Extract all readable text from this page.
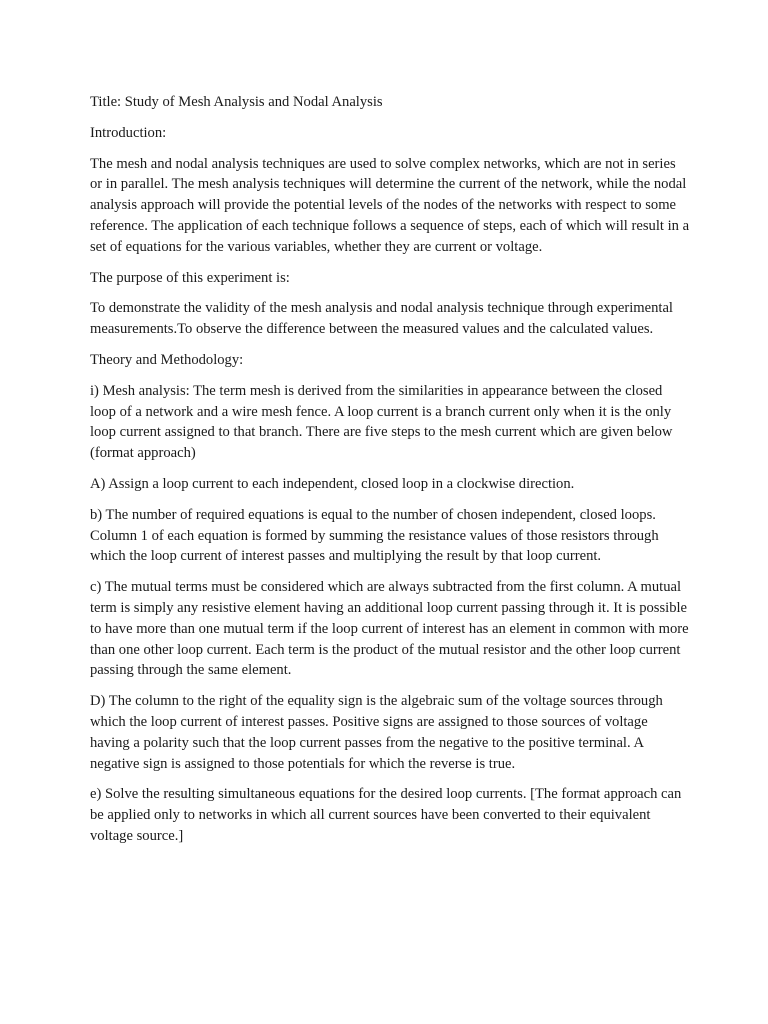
Title: Study of Mesh Analysis and Nodal Analysis

Introduction:

The mesh and nodal analysis techniques are used to solve complex networks, which are not in series or in parallel. The mesh analysis techniques will determine the current of the network, while the nodal analysis approach will provide the potential levels of the nodes of the networks with respect to some reference. The application of each technique follows a sequence of steps, each of which will result in a set of equations for the various variables, whether they are current or voltage.

The purpose of this experiment is:

To demonstrate the validity of the mesh analysis and nodal analysis technique through experimental measurements.To observe the difference between the measured values and the calculated values.

Theory and Methodology:

i) Mesh analysis: The term mesh is derived from the similarities in appearance between the closed loop of a network and a wire mesh fence. A loop current is a branch current only when it is the only loop current assigned to that branch. There are five steps to the mesh current which are given below (format approach)

A) Assign a loop current to each independent, closed loop in a clockwise direction.

b) The number of required equations is equal to the number of chosen independent, closed loops. Column 1 of each equation is formed by summing the resistance values of those resistors through which the loop current of interest passes and multiplying the result by that loop current.

c) The mutual terms must be considered which are always subtracted from the first column. A mutual term is simply any resistive element having an additional loop current passing through it. It is possible to have more than one mutual term if the loop current of interest has an element in common with more than one other loop current. Each term is the product of the mutual resistor and the other loop current passing through the same element.

D) The column to the right of the equality sign is the algebraic sum of the voltage sources through which the loop current of interest passes. Positive signs are assigned to those sources of voltage having a polarity such that the loop current passes from the negative to the positive terminal. A negative sign is assigned to those potentials for which the reverse is true.

e) Solve the resulting simultaneous equations for the desired loop currents. [The format approach can be applied only to networks in which all current sources have been converted to their equivalent voltage source.]
